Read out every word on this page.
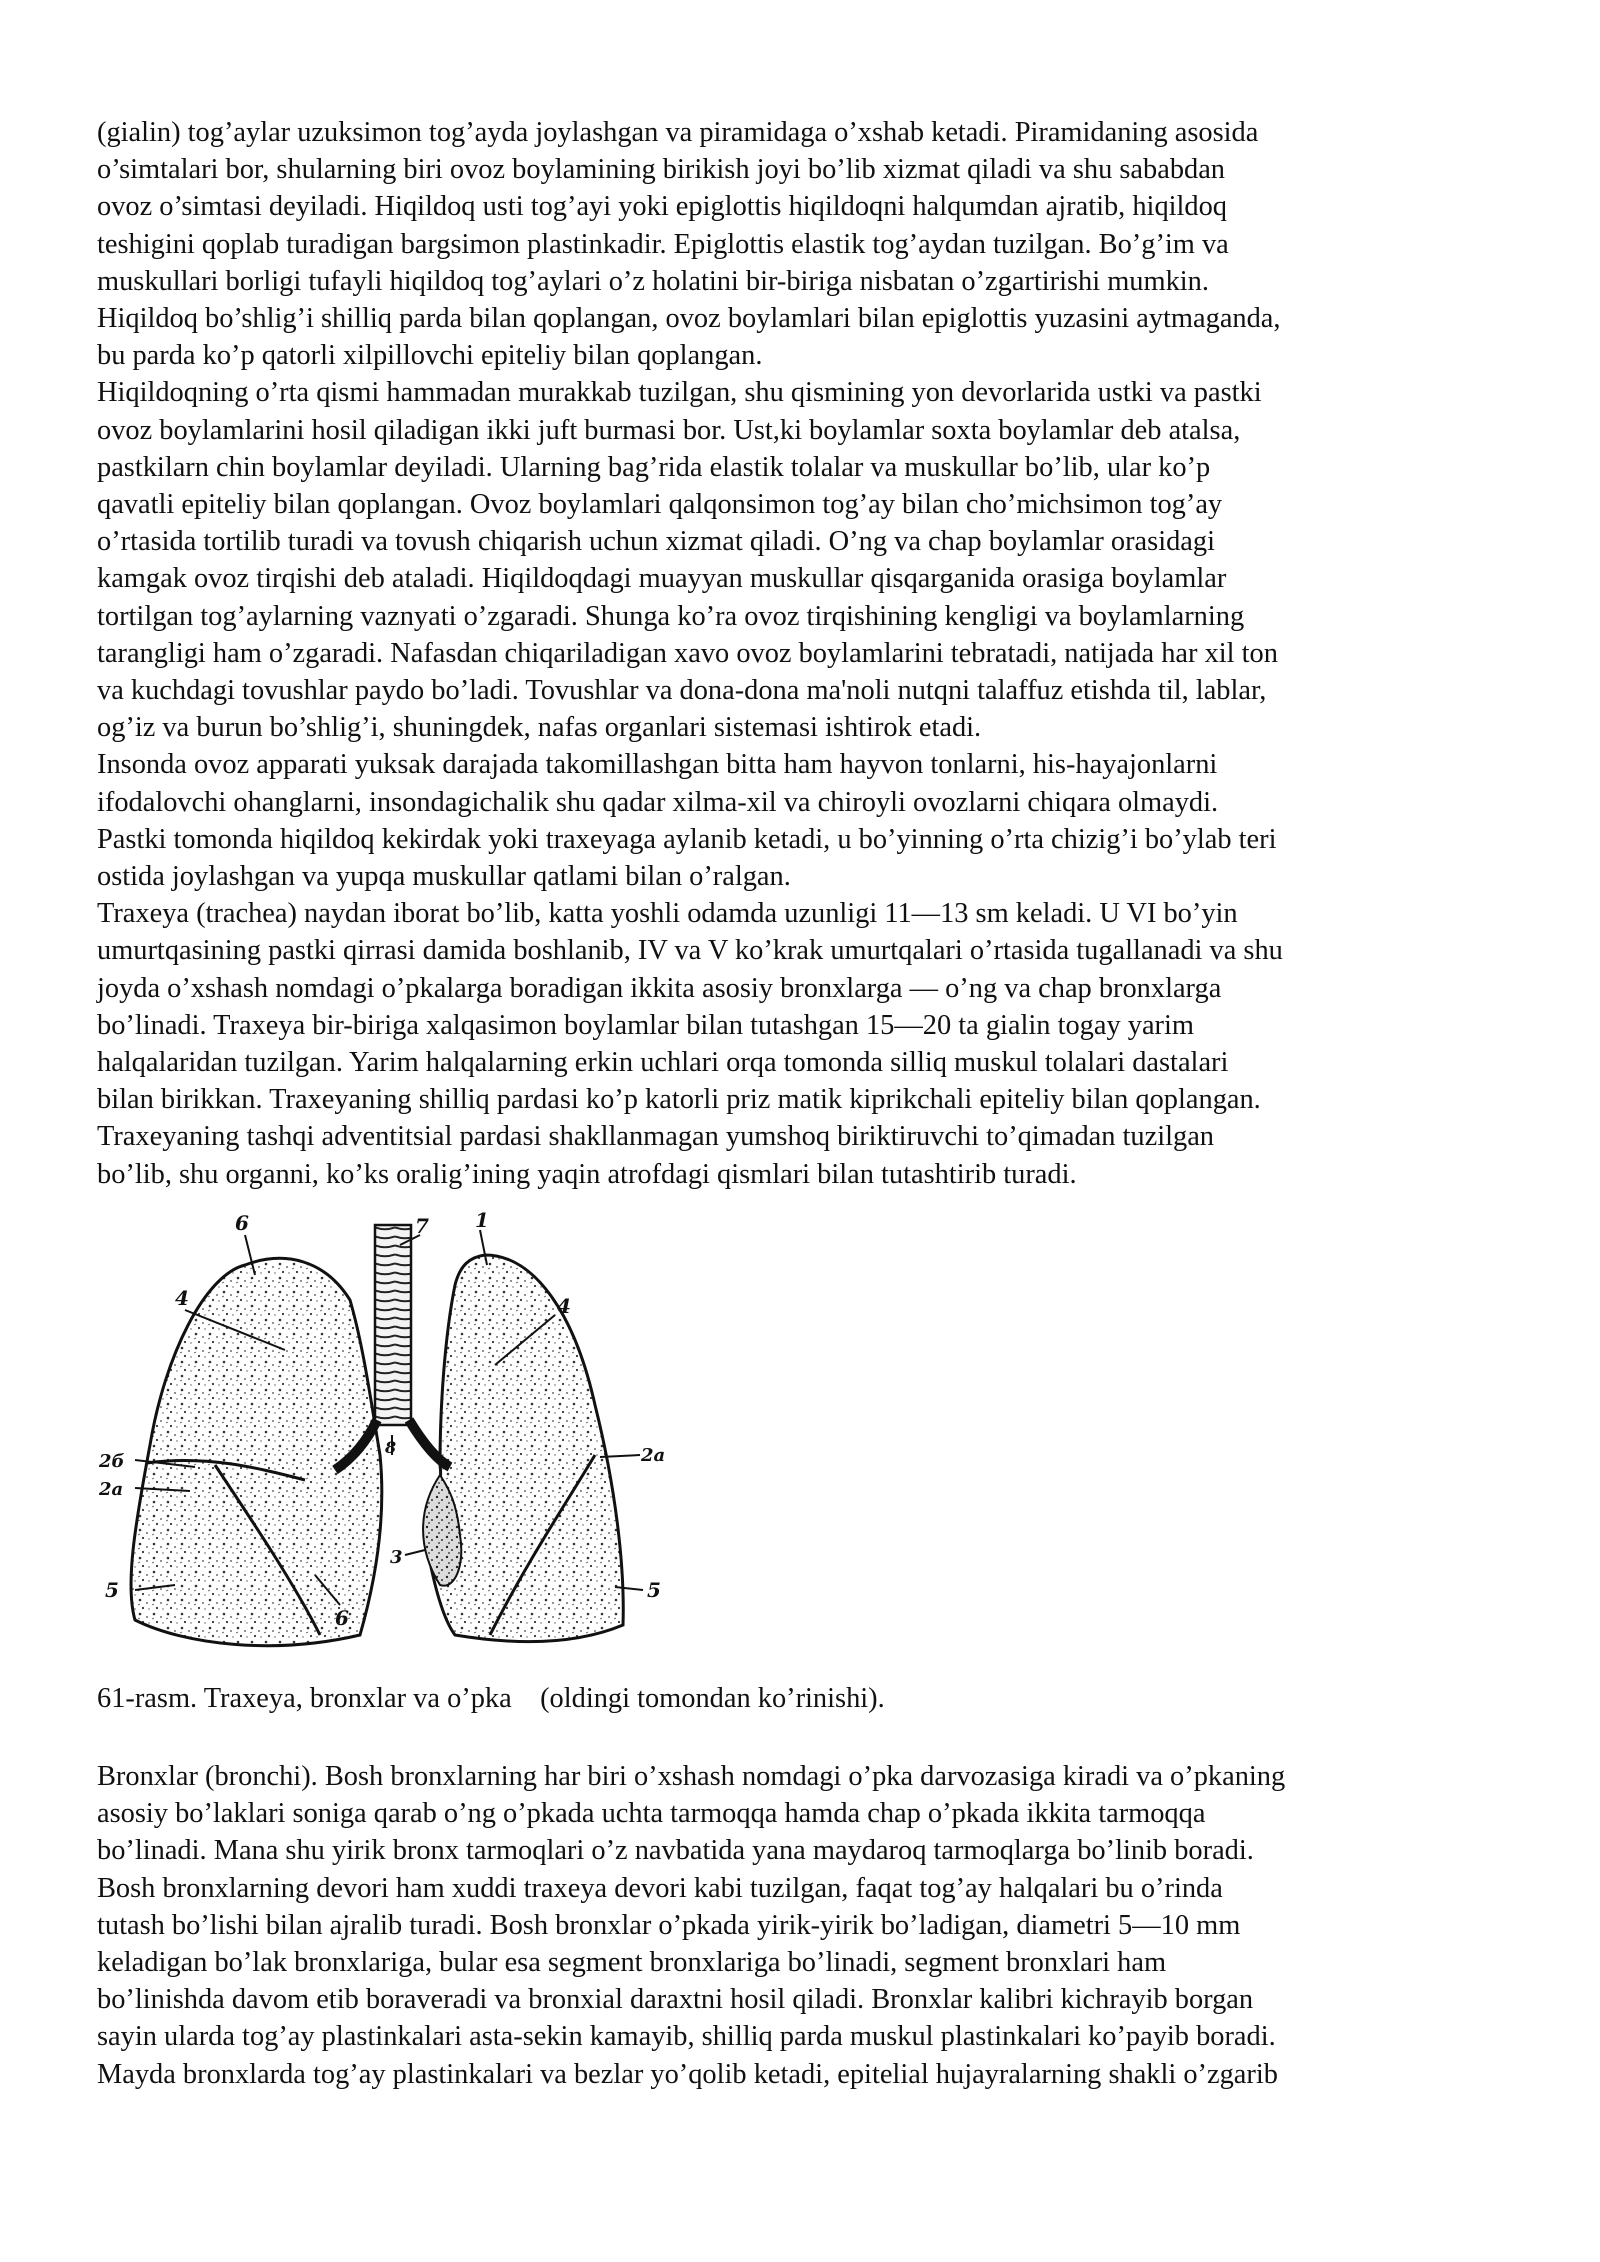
(gialin) tog’aylar uzuksimon tog’ayda joylashgan va piramidaga o’xshab ketadi. Piramidaning asosida

o’simtalari bor, shularning biri ovoz boylamining birikish joyi bo’lib xizmat qiladi va shu sababdan

ovoz o’simtasi deyiladi. Hiqildoq usti tog’ayi yoki epiglottis hiqildoqni halqumdan ajratib, hiqildoq

teshigini qoplab turadigan bargsimon plastinkadir. Epiglottis elastik tog’aydan tuzilgan. Bo’g’im va

muskullari borligi tufayli hiqildoq tog’aylari o’z holatini bir-biriga nisbatan o’zgartirishi mumkin.

Hiqildoq bo’shlig’i shilliq parda bilan qoplangan, ovoz boylamlari bilan epiglottis yuzasini aytmaganda,

bu parda ko’p qatorli xilpillovchi epiteliy bilan qoplangan.

Hiqildoqning o’rta qismi hammadan murakkab tuzilgan, shu qismining yon devorlarida ustki va pastki

ovoz boylamlarini hosil qiladigan ikki juft burmasi bor. Ust,ki boylamlar soxta boylamlar deb atalsa,

pastkilarn chin boylamlar deyiladi. Ularning bag’rida elastik tolalar va muskullar bo’lib, ular ko’p

qavatli epiteliy bilan qoplangan. Ovoz boylamlari qalqonsimon tog’ay bilan cho’michsimon tog’ay

o’rtasida tortilib turadi va tovush chiqarish uchun xizmat qiladi. O’ng va chap boylamlar orasidagi

kamgak ovoz tirqishi deb ataladi. Hiqildoqdagi muayyan muskullar qisqarganida orasiga boylamlar

tortilgan tog’aylarning vaznyati o’zgaradi. Shunga ko’ra ovoz tirqishining kengligi va boylamlarning

tarangligi ham o’zgaradi. Nafasdan chiqariladigan xavo ovoz boylamlarini tebratadi, natijada har xil ton

va kuchdagi tovushlar paydo bo’ladi. Tovushlar va dona-dona ma'noli nutqni talaffuz etishda til, lablar,

og’iz va burun bo’shlig’i, shuningdek, nafas organlari sistemasi ishtirok etadi.

Insonda ovoz apparati yuksak darajada takomillashgan bitta ham hayvon tonlarni, his-hayajonlarni

ifodalovchi ohanglarni, insondagichalik shu qadar xilma-xil va chiroyli ovozlarni chiqara olmaydi.

Pastki tomonda hiqildoq kekirdak yoki traxeyaga aylanib ketadi, u bo’yinning o’rta chizig’i bo’ylab teri

ostida joylashgan va yupqa muskullar qatlami bilan o’ralgan.

Traxeya (trachea) naydan iborat bo’lib, katta yoshli odamda uzunligi 11—13 sm keladi. U VI bo’yin

umurtqasining pastki qirrasi damida boshlanib, IV va V ko’krak umurtqalari o’rtasida tugallanadi va shu

joyda o’xshash nomdagi o’pkalarga boradigan ikkita asosiy bronxlarga — o’ng va chap bronxlarga

bo’linadi. Traxeya bir-biriga xalqasimon boylamlar bilan tutashgan 15—20 ta gialin togay yarim

halqalaridan tuzilgan. Yarim halqalarning erkin uchlari orqa tomonda silliq muskul tolalari dastalari

bilan birikkan. Traxeyaning shilliq pardasi ko’p katorli priz matik kiprikchali epiteliy bilan qoplangan.

Traxeyaning tashqi adventitsial pardasi shakllanmagan yumshoq biriktiruvchi to’qimadan tuzilgan

bo’lib, shu organni, ko’ks oralig’ining yaqin atrofdagi qismlari bilan tutashtirib turadi.

6	7 1
4	4
8
2б
2а
2а
3
5
6
5
61-rasm. Traxeya, bronxlar va o’pka    (oldingi tomondan ko’rinishi).

Bronxlar (bronchi). Bosh bronxlarning har biri o’xshash nomdagi o’pka darvozasiga kiradi va o’pkaning

asosiy bo’laklari soniga qarab o’ng o’pkada uchta tarmoqqa hamda chap o’pkada ikkita tarmoqqa

bo’linadi. Mana shu yirik bronx tarmoqlari o’z navbatida yana maydaroq tarmoqlarga bo’linib boradi.

Bosh bronxlarning devori ham xuddi traxeya devori kabi tuzilgan, faqat tog’ay halqalari bu o’rinda

tutash bo’lishi bilan ajralib turadi. Bosh bronxlar o’pkada yirik-yirik bo’ladigan, diametri 5—10 mm

keladigan bo’lak bronxlariga, bular esa segment bronxlariga bo’linadi, segment bronxlari ham

bo’linishda davom etib boraveradi va bronxial daraxtni hosil qiladi. Bronxlar kalibri kichrayib borgan

sayin ularda tog’ay plastinkalari asta-sekin kamayib, shilliq parda muskul plastinkalari ko’payib boradi.

Mayda bronxlarda tog’ay plastinkalari va bezlar yo’qolib ketadi, epitelial hujayralarning shakli o’zgarib
